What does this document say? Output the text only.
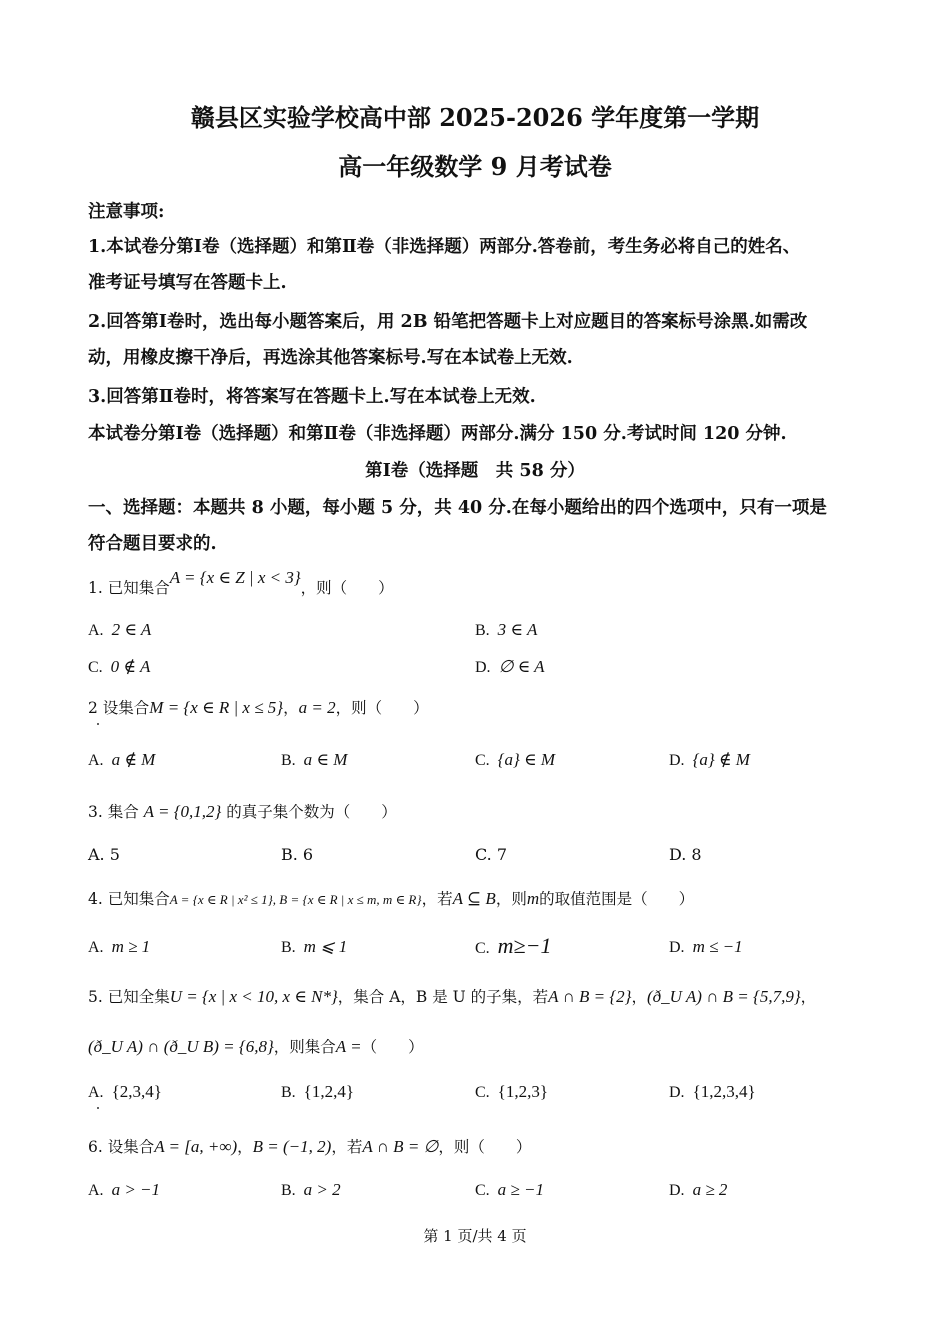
赣县区实验学校高中部 2025-2026 学年度第一学期
高一年级数学 9 月考试卷
注意事项:
1.本试卷分第Ⅰ卷（选择题）和第Ⅱ卷（非选择题）两部分.答卷前，考生务必将自己的姓名、
准考证号填写在答题卡上.
2.回答第Ⅰ卷时，选出每小题答案后，用 2B 铅笔把答题卡上对应题目的答案标号涂黑.如需改
动，用橡皮擦干净后，再选涂其他答案标号.写在本试卷上无效.
3.回答第Ⅱ卷时，将答案写在答题卡上.写在本试卷上无效.
本试卷分第Ⅰ卷（选择题）和第Ⅱ卷（非选择题）两部分.满分 150 分.考试时间 120 分钟.
第Ⅰ卷（选择题　共 58 分）
一、选择题：本题共 8 小题，每小题 5 分，共 40 分.在每小题给出的四个选项中，只有一项是
符合题目要求的.
1. 已知集合A = {x ∈ Z | x < 3}，则（　　）
A. 2 ∈ A	B. 3 ∈ A
C. 0 ∉ A	D. ∅ ∈ A
2 设集合M = {x ∈ R | x ≤ 5}，a = 2，则（　　）
A. a ∉ M	B. a ∈ M	C. {a} ∈ M	D. {a} ∉ M
3. 集合 A = {0,1,2} 的真子集个数为（　　）
A. 5	B. 6	C. 7	D. 8
4. 已知集合A = {x ∈ R | x² ≤ 1}, B = {x ∈ R | x ≤ m, m ∈ R}，若A ⊆ B，则m的取值范围是（　　）
A. m ≥ 1	B. m ⩽ 1	C. m≥−1	D. m ≤ −1
5. 已知全集U = {x | x < 10, x ∈ N*}，集合 A，B 是 U 的子集，若A ∩ B = {2}，(ð_U A) ∩ B = {5,7,9}，
(ð_U A) ∩ (ð_U B) = {6,8}，则集合A =（　　）
A. {2,3,4}	B. {1,2,4}	C. {1,2,3}	D. {1,2,3,4}
6. 设集合A = [a, +∞)，B = (−1, 2)，若A ∩ B = ∅，则（　　）
A. a > −1	B. a > 2	C. a ≥ −1	D. a ≥ 2
第 1 页/共 4 页
